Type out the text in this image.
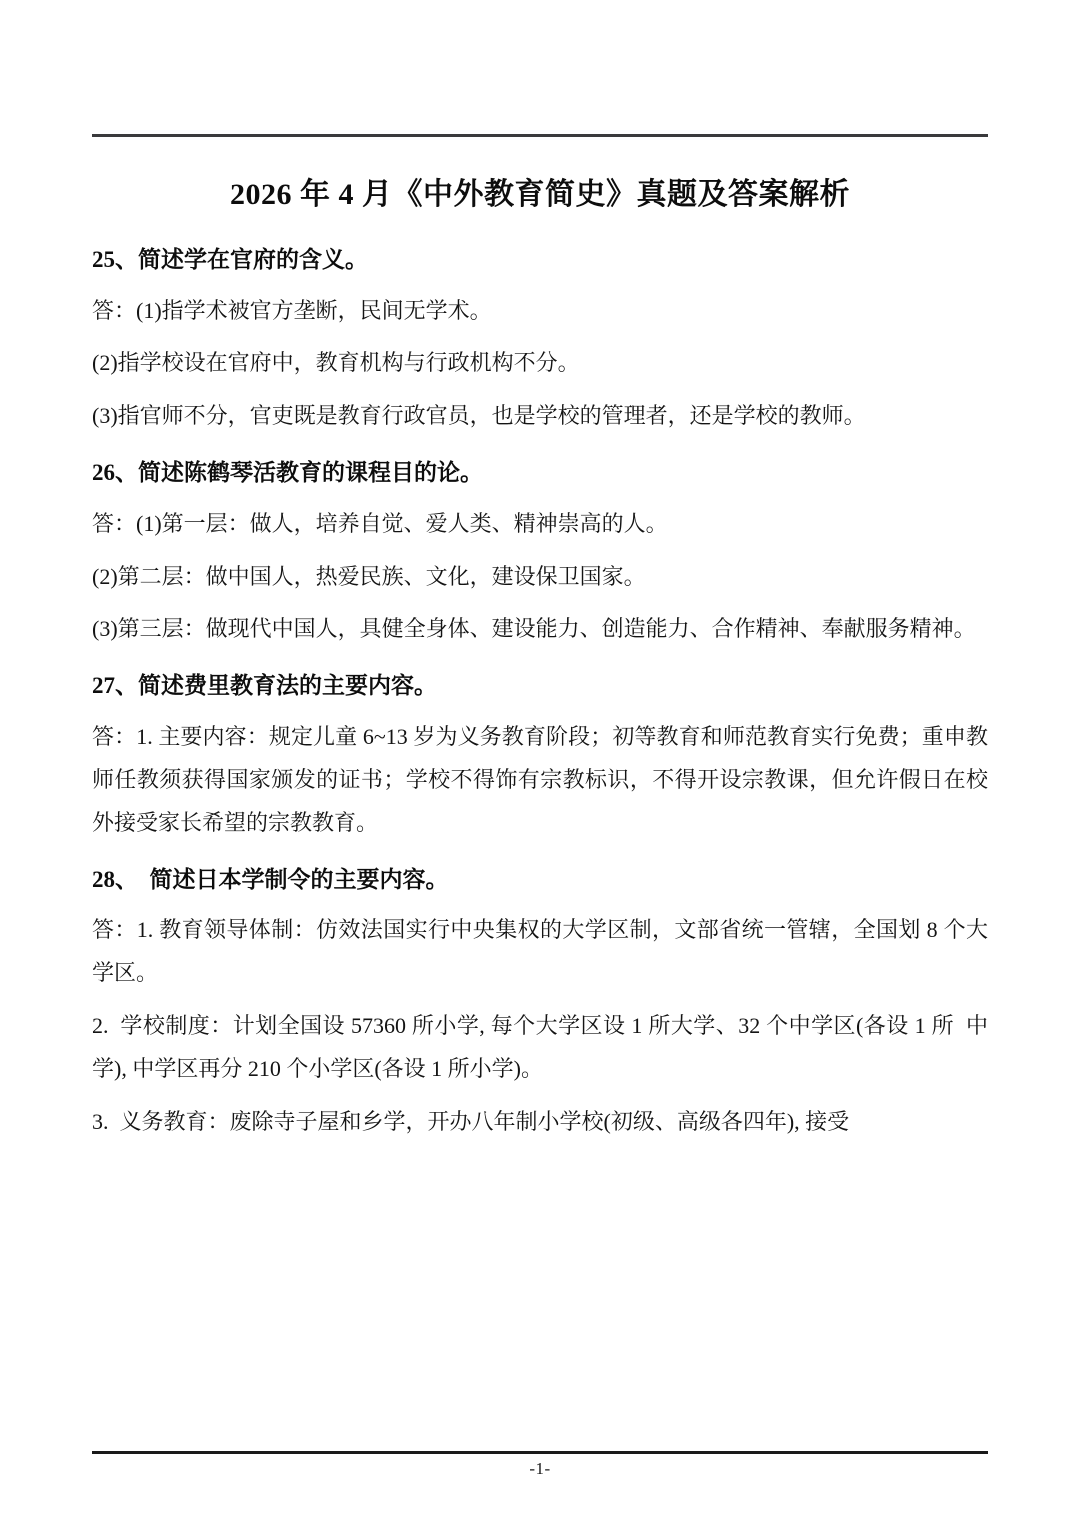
2026 年 4 月《中外教育简史》真题及答案解析
25、简述学在官府的含义。
答：(1)指学术被官方垄断，民间无学术。
(2)指学校设在官府中，教育机构与行政机构不分。
(3)指官师不分，官吏既是教育行政官员，也是学校的管理者，还是学校的教师。
26、简述陈鹤琴活教育的课程目的论。
答：(1)第一层：做人，培养自觉、爱人类、精神崇高的人。
(2)第二层：做中国人，热爱民族、文化，建设保卫国家。
(3)第三层：做现代中国人，具健全身体、建设能力、创造能力、合作精神、奉献服务精神。
27、简述费里教育法的主要内容。
答：1. 主要内容：规定儿童 6~13 岁为义务教育阶段；初等教育和师范教育实行免费；重申教师任教须获得国家颁发的证书；学校不得饰有宗教标识，不得开设宗教课，但允许假日在校外接受家长希望的宗教教育。
28、  简述日本学制令的主要内容。
答：1. 教育领导体制：仿效法国实行中央集权的大学区制，文部省统一管辖，全国划 8 个大学区。
2.  学校制度：计划全国设 57360 所小学, 每个大学区设 1 所大学、32 个中学区(各设 1 所  中学), 中学区再分 210 个小学区(各设 1 所小学)。
3.  义务教育：废除寺子屋和乡学，开办八年制小学校(初级、高级各四年), 接受
-1-
